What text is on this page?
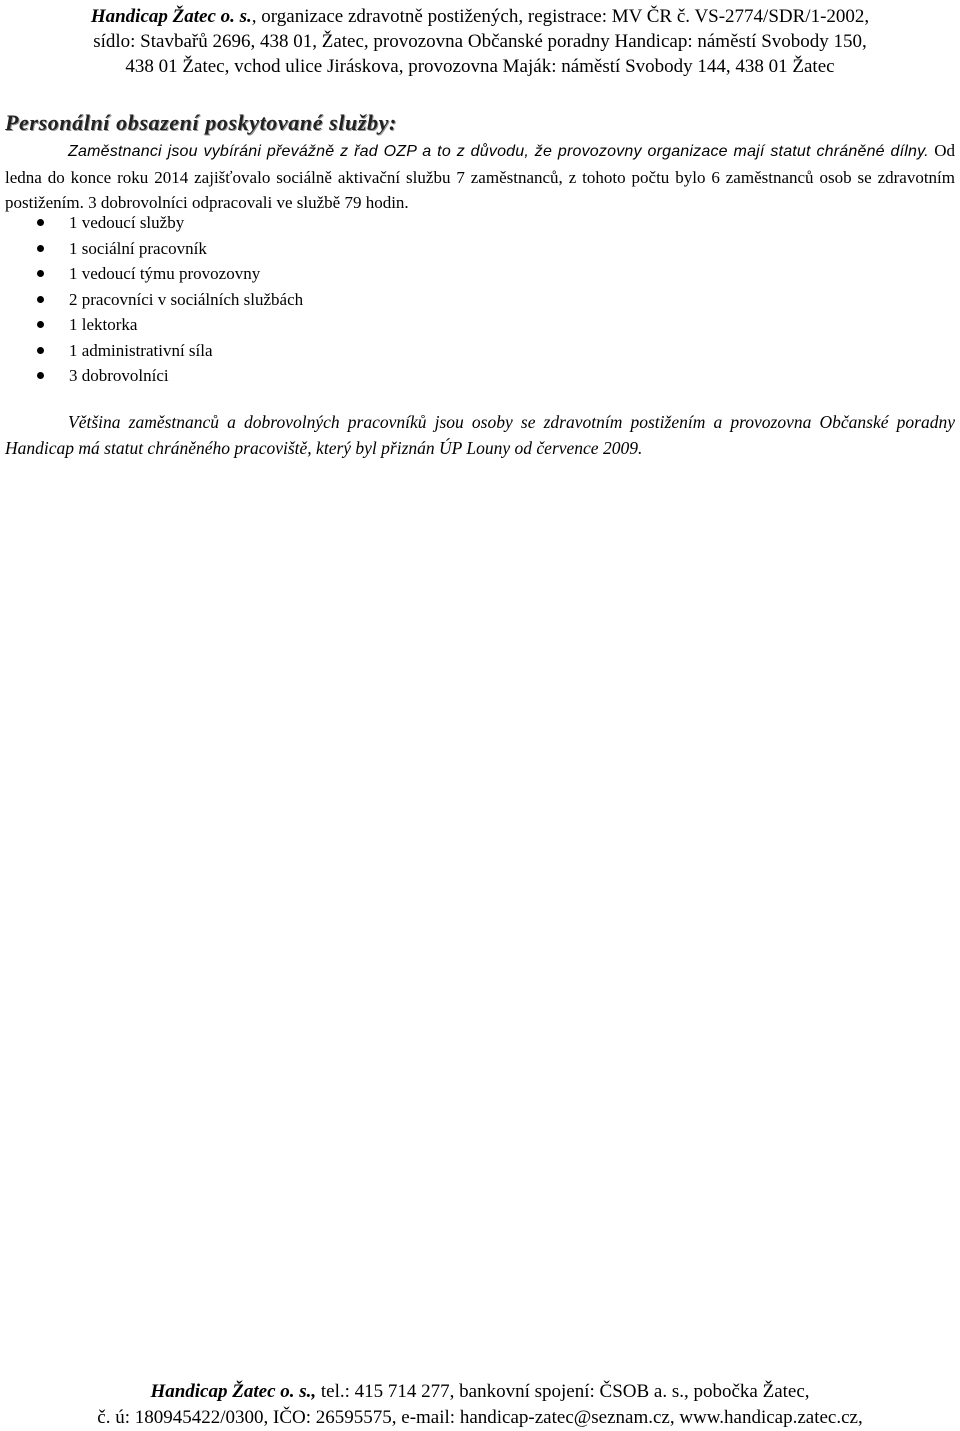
Handicap Žatec o. s., organizace zdravotně postižených, registrace: MV ČR č. VS-2774/SDR/1-2002,
sídlo: Stavbařů 2696, 438 01, Žatec, provozovna Občanské poradny Handicap: náměstí Svobody 150,
438 01 Žatec, vchod ulice Jiráskova, provozovna Maják: náměstí Svobody 144, 438 01 Žatec
Personální obsazení poskytované služby:
Zaměstnanci jsou vybíráni převážně z řad OZP a to z důvodu, že provozovny organizace mají statut chráněné dílny. Od ledna do konce roku 2014 zajišťovalo sociálně aktivační službu 7 zaměstnanců, z tohoto počtu bylo 6 zaměstnanců osob se zdravotním postižením. 3 dobrovolníci odpracovali ve službě 79 hodin.
1 vedoucí služby
1 sociální pracovník
1 vedoucí týmu provozovny
2 pracovníci v sociálních službách
1 lektorka
1 administrativní síla
3 dobrovolníci
Většina zaměstnanců a dobrovolných pracovníků jsou osoby se zdravotním postižením a provozovna Občanské poradny Handicap má statut chráněného pracoviště, který byl přiznán ÚP Louny od července 2009.
Handicap Žatec o. s., tel.: 415 714 277, bankovní spojení: ČSOB a. s., pobočka Žatec,
č. ú: 180945422/0300, IČO: 26595575, e-mail: handicap-zatec@seznam.cz, www.handicap.zatec.cz,
